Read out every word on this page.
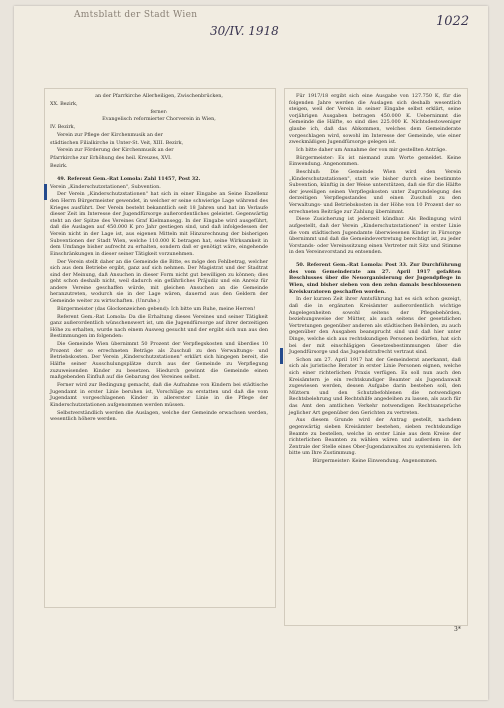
Amtsblatt der Stadt Wien
30/IV. 1918
1022

an der Pfarrkirche Allerheiligen, Zwischenbrücken,

XX. Bezirk,

ferner:

Evangelisch reformierter Chorverein in Wien,

IV. Bezirk,

Verein zur Pflege der Kirchenmusik an der

städtischen Filialkirche in Unter-St. Veit, XIII. Bezirk,

Verein zur Förderung der Kirchenmusik an der

Pfarrkirche zur Erhöhung des heil. Kreuzes, XVI.

Bezirk.

49. Referent Gem.-Rat Lomola: Zahl 11457, Post 32.

Verein „Kinderschutzstationen", Subvention.

Der Verein „Kinderschutzstationen" hat sich in einer Eingabe an Seine Exzellenz den Herrn Bürgermeister gewendet, in welcher er seine schwierige Lage während des Krieges ausführt. Der Verein besteht bekanntlich seit 18 Jahren und hat im Verlaufe dieser Zeit im Interesse der Jugendfürsorge außerordentliches geleistet. Gegenwärtig steht an der Spitze des Vereines Graf Kielmansegg. In der Eingabe wird ausgeführt, daß die Auslagen auf 450.000 K pro Jahr gestiegen sind, und daß infolgedessen der Verein nicht in der Lage ist, aus eigenen Mitteln mit Hinzurechnung der bisherigen Subventionen der Stadt Wien, welche 110.000 K betragen hat, seine Wirksamkeit in dem Umfange bisher aufrecht zu erhalten, sondern daß er genötigt wäre, eingehende Einschränkungen in dieser seiner Tätigkeit vorzunehmen.

Der Verein stellt daher an die Gemeinde die Bitte, es möge den Fehlbetrag, welcher sich aus dem Betriebe ergibt, ganz auf sich nehmen. Der Magistrat und der Stadtrat sind der Meinung, daß Ansuchen in dieser Form nicht gut bewilligen zu können; dies geht schon deshalb nicht, weil dadurch ein gefährliches Präjudiz und ein Anreiz für andere Vereine geschaffen würde, mit gleichen Ansuchen an die Gemeinde heranzutreten, wodurch sie in der Lage wären, dauernd aus den Geldern der Gemeinde weiter zu wirtschaften. (Unruhe.)

Bürgermeister (das Glockenzeichen gebend): Ich bitte um Ruhe, meine Herren!

Referent Gem.-Rat Lomola: Da die Erhaltung dieses Vereines und seiner Tätigkeit ganz außerordentlich wünschenswert ist, um die Jugendfürsorge auf ihrer derzeitigen Höhe zu erhalten, wurde nach einem Ausweg gesucht und der ergibt sich nun aus den Bestimmungen im folgenden:

Die Gemeinde Wien übernimmt 50 Prozent der Verpflegskosten und überdies 10 Prozent der so errechneten Beträge als Zuschuß zu den Verwaltungs- und Betriebskosten. Der Verein „Kinderschutzstationen" erklärt sich hingegen bereit, die Hälfte seiner Ausschulungsplätze durch aus der Gemeinde zu Verpflegung zuzuweisenden Kinder zu besetzen. Hiedurch gewinnt die Gemeinde einen maßgebenden Einfluß auf die Gebarung des Vereines selbst.

Ferner wird zur Bedingung gemacht, daß die Aufnahme von Kindern bei städtische Jugendamt in erster Linie beruhen ist, Vorschläge zu erstatten und daß die vom Jugendamt vorgeschlagenen Kinder in allererster Linie in die Pflege der Kinderschutzstationen aufgenommen werden müssen.

Selbstverständlich werden die Auslagen, welche der Gemeinde erwachsen werden, wesentlich höhere werden.

Für 1917/18 ergibt sich eine Ausgabe von 127.750 K, für die folgenden Jahre werden die Auslagen sich deshalb wesentlich steigen, weil der Verein in seiner Eingabe selbst erklärt, seine vorjährigen Ausgaben betragen 450.000 K. Uebernimmt die Gemeinde die Hälfte, so sind dies 225.000 K. Nichtsdestoweniger glaube ich, daß das Abkommen, welches dem Gemeinderate vorgeschlagen wird, sowohl im Interesse der Gemeinde, wie einer zweckmäßigen Jugendfürsorge gelegen ist.

Ich bitte daher um Annahme der von mir gestellten Anträge.

Bürgermeister: Es ist niemand zum Worte gemeldet. Keine Einwendung. Angenommen.

Beschluß: Die Gemeinde Wien wird den Verein „Kinderschutzstationen", statt wie bisher durch eine bestimmte Subvention, künftig in der Weise unterstützen, daß sie für die Hälfte der jeweiligen seinen Verpflegskosten unter Zugrundelegung des derzeitigen Verpflegsstandes und einen Zuschuß zu den Verwaltungs- und Betriebskosten in der Höhe von 10 Prozent der so errechneten Beiträge zur Zahlung übernimmt.

Diese Zusicherung ist jederzeit kündbar. Als Bedingung wird aufgestellt, daß der Verein „Kinderschutzstationen" in erster Linie die vom städtischen Jugendamte überwiesenen Kinder in Fürsorge übernimmt und daß die Gemeindevertretung berechtigt ist, zu jeder Vorstands- oder Vereinssitzung einen Vertreter mit Sitz und Stimme in den Vereinsvorstand zu entsenden.

50. Referent Gem.-Rat Lomola: Post 33. Zur Durchführung des vom Gemeinderate am 27. April 1917 gefaßten Beschlusses über die Neuorganisierung der Jugendpflege in Wien, sind bisher sieben von den zehn damals beschlossenen Kreiskuratoren geschaffen worden.

In der kurzen Zeit ihrer Amtsführung hat es sich schon gezeigt, daß die in ergänzten Kreisämter außerordentlich wichtige Angelegenheiten sowohl seitens der Pflegebehörden, beziehungsweise der Mütter, als auch seitens der gesetzlichen Vertretungen gegenüber anderen als städtischen Behörden, zu auch gegenüber den Ausgaben beansprucht sind und daß hier unter Dinge, welche sich aus rechtskundigen Personen bedürfen, hat sich bei der mit einschlägigen Gesetzesbestimmungen über die Jugendfürsorge und das Jugendstrafrecht vertraut sind.

Schon am 27. April 1917 hat der Gemeinderat anerkannt, daß sich als juristische Berater in erster Linie Personen eignen, welche sich einer richterlichen Praxis verfügen. Es soll nun auch den Kreisämtern je ein rechtskundiger Beamter als Jugendanwalt zugewiesen werden, dessen Aufgabe darin bestehen soll, den Müttern und den Schutzbefohlenen die notwendigen Rechtsbelehrung und Rechtshilfe angedeihen zu lassen, als auch für das Amt den amtlichen Verkehr notwendigen Rechtsansprüche jeglicher Art gegenüber den Gerichten zu vertreten.

Aus diesem Grunde wird der Antrag gestellt, nachdem gegenwärtig sieben Kreisämter bestehen, sieben rechtskundige Beamte zu bestellen, welche in erster Linie aus dem Kreise der richterlichen Beamten zu wählen wären und außerdem in der Zentrale der Stelle eines Ober-Jugendanwaltes zu systemisieren. Ich bitte um Ihre Zustimmung.

Bürgermeister: Keine Einwendung. Angenommen.

3*
